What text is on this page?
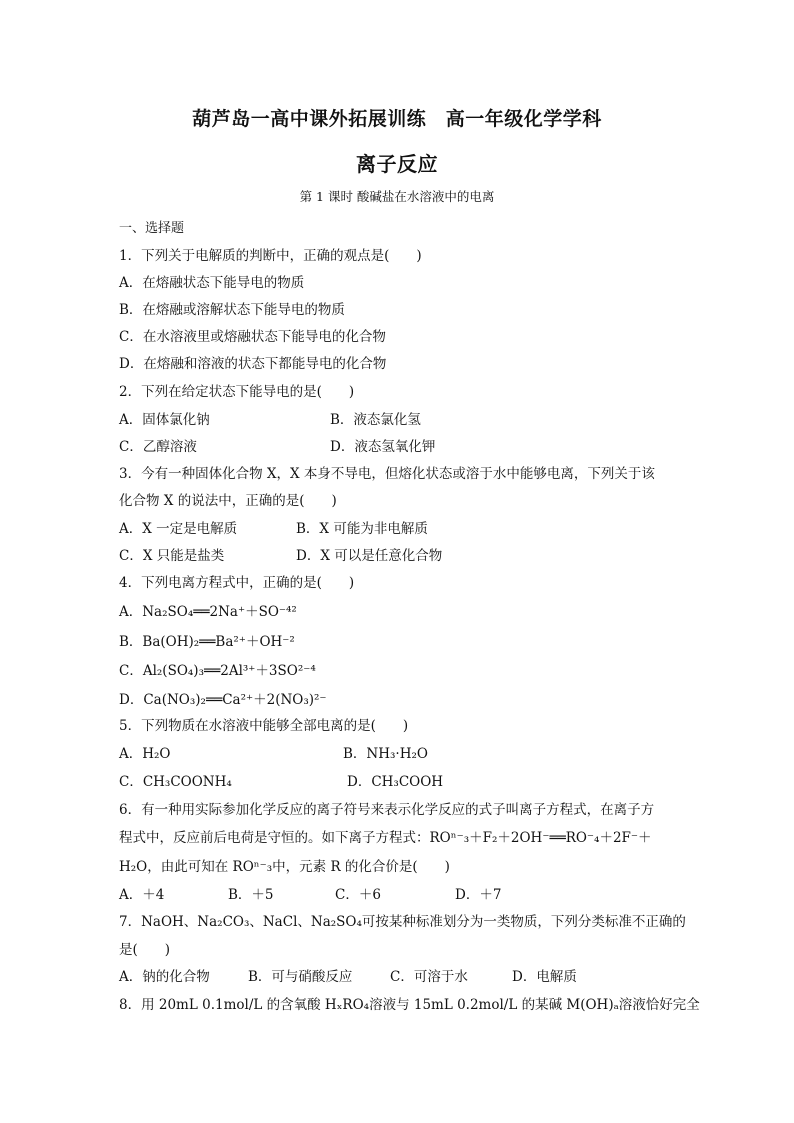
葫芦岛一高中课外拓展训练　高一年级化学学科
离子反应
第 1 课时 酸碱盐在水溶液中的电离
一、选择题
1．下列关于电解质的判断中，正确的观点是(　　)
A．在熔融状态下能导电的物质
B．在熔融或溶解状态下能导电的物质
C．在水溶液里或熔融状态下能导电的化合物
D．在熔融和溶液的状态下都能导电的化合物
2．下列在给定状态下能导电的是(　　)
A．固体氯化钠	B．液态氯化氢
C．乙醇溶液	D．液态氢氧化钾
3．今有一种固体化合物 X，X 本身不导电，但熔化状态或溶于水中能够电离，下列关于该
化合物 X 的说法中，正确的是(　　)
A．X 一定是电解质	B．X 可能为非电解质
C．X 只能是盐类	D．X 可以是任意化合物
4．下列电离方程式中，正确的是(　　)
A．Na₂SO₄══2Na⁺＋SO⁻⁴²
B．Ba(OH)₂══Ba²⁺＋OH⁻²
C．Al₂(SO₄)₃══2Al³⁺＋3SO²⁻⁴
D．Ca(NO₃)₂══Ca²⁺＋2(NO₃)²⁻
5．下列物质在水溶液中能够全部电离的是(　　)
A．H₂O	B．NH₃·H₂O
C．CH₃COONH₄	D．CH₃COOH
6．有一种用实际参加化学反应的离子符号来表示化学反应的式子叫离子方程式，在离子方
程式中，反应前后电荷是守恒的。如下离子方程式：ROⁿ⁻₃＋F₂＋2OH⁻══RO⁻₄＋2F⁻＋
H₂O，由此可知在 ROⁿ⁻₃中，元素 R 的化合价是(　　)
A．＋4	B．＋5	C．＋6	D．＋7
7．NaOH、Na₂CO₃、NaCl、Na₂SO₄可按某种标准划分为一类物质，下列分类标准不正确的
是(　　)
A．钠的化合物	B．可与硝酸反应	C．可溶于水	D．电解质
8．用 20mL 0.1mol/L 的含氧酸 HₓRO₄溶液与 15mL 0.2mol/L 的某碱 M(OH)ₐ溶液恰好完全
